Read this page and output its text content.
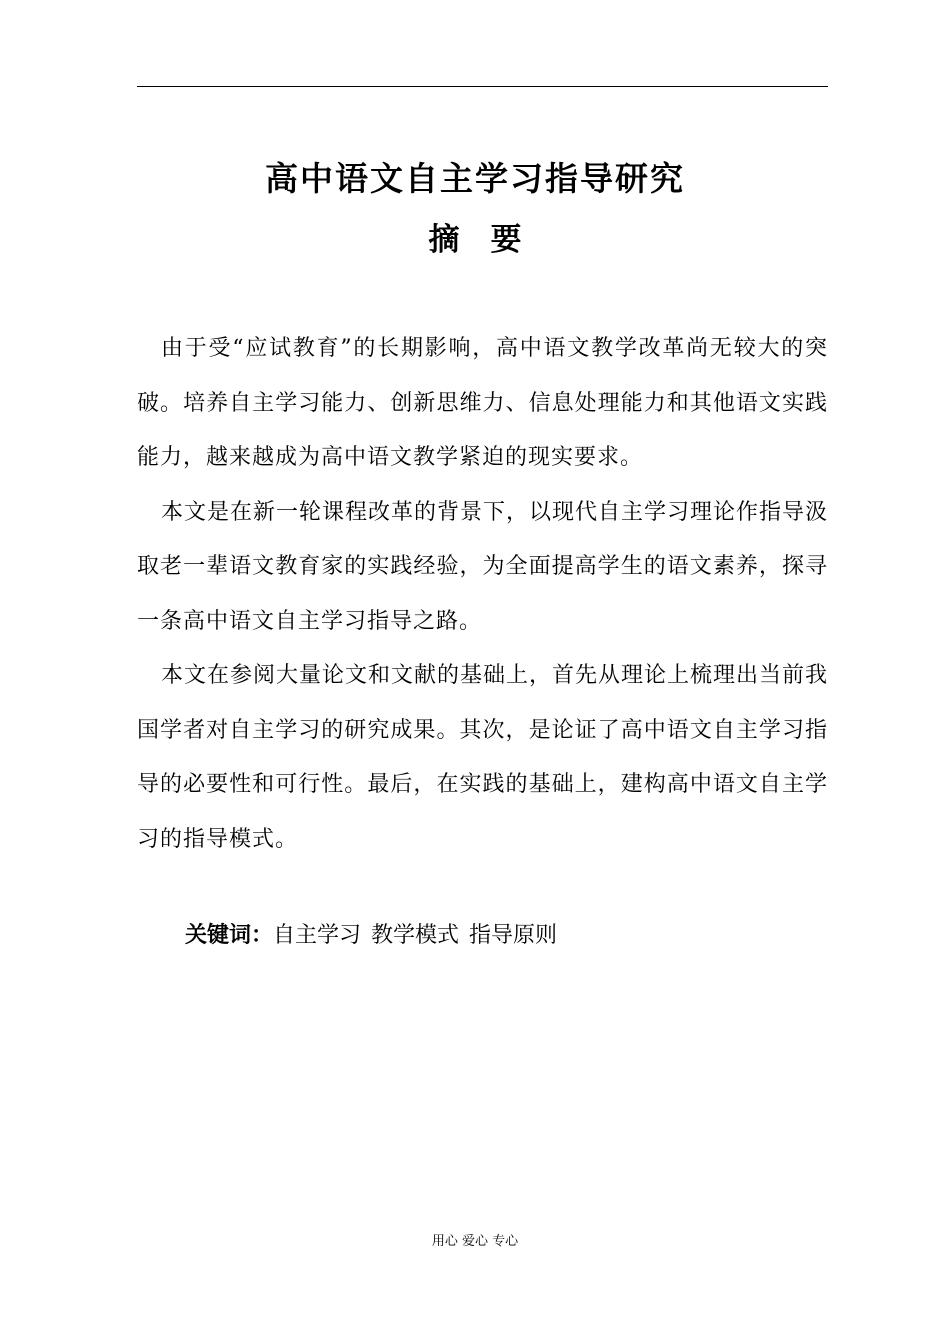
高中语文自主学习指导研究
摘　要

由于受“应试教育”的长期影响，高中语文教学改革尚无较大的突破。培养自主学习能力、创新思维力、信息处理能力和其他语文实践能力，越来越成为高中语文教学紧迫的现实要求。

本文是在新一轮课程改革的背景下，以现代自主学习理论作指导汲取老一辈语文教育家的实践经验，为全面提高学生的语文素养，探寻一条高中语文自主学习指导之路。

本文在参阅大量论文和文献的基础上，首先从理论上梳理出当前我国学者对自主学习的研究成果。其次，是论证了高中语文自主学习指导的必要性和可行性。最后，在实践的基础上，建构高中语文自主学习的指导模式。

关键词：自主学习 教学模式 指导原则
用心 爱心 专心
